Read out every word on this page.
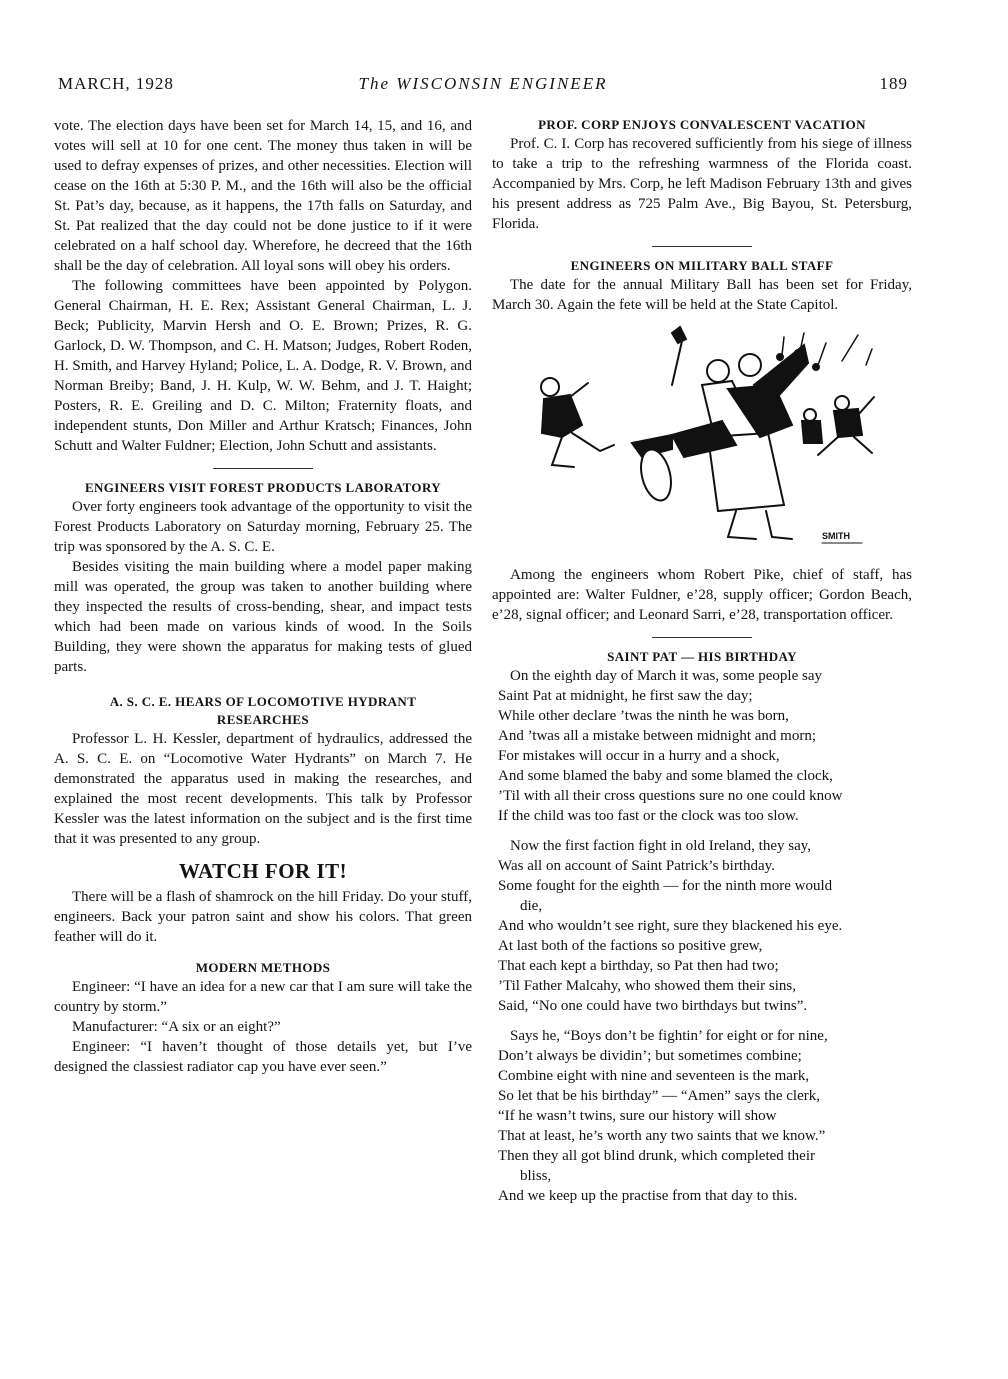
MARCH, 1928	The WISCONSIN ENGINEER	189

vote. The election days have been set for March 14, 15, and 16, and votes will sell at 10 for one cent. The money thus taken in will be used to defray expenses of prizes, and other necessities. Election will cease on the 16th at 5:30 P. M., and the 16th will also be the official St. Pat’s day, because, as it happens, the 17th falls on Saturday, and St. Pat realized that the day could not be done justice to if it were celebrated on a half school day. Wherefore, he decreed that the 16th shall be the day of celebration. All loyal sons will obey his orders.

The following committees have been appointed by Polygon. General Chairman, H. E. Rex; Assistant General Chairman, L. J. Beck; Publicity, Marvin Hersh and O. E. Brown; Prizes, R. G. Garlock, D. W. Thompson, and C. H. Matson; Judges, Robert Roden, H. Smith, and Harvey Hyland; Police, L. A. Dodge, R. V. Brown, and Norman Breiby; Band, J. H. Kulp, W. W. Behm, and J. T. Haight; Posters, R. E. Greiling and D. C. Milton; Fraternity floats, and independent stunts, Don Miller and Arthur Kratsch; Finances, John Schutt and Walter Fuldner; Election, John Schutt and assistants.

ENGINEERS VISIT FOREST PRODUCTS LABORATORY

Over forty engineers took advantage of the opportunity to visit the Forest Products Laboratory on Saturday morning, February 25. The trip was sponsored by the A. S. C. E.

Besides visiting the main building where a model paper making mill was operated, the group was taken to another building where they inspected the results of cross-bending, shear, and impact tests which had been made on various kinds of wood. In the Soils Building, they were shown the apparatus for making tests of glued parts.

A. S. C. E. HEARS OF LOCOMOTIVE HYDRANT RESEARCHES

Professor L. H. Kessler, department of hydraulics, addressed the A. S. C. E. on “Locomotive Water Hydrants” on March 7. He demonstrated the apparatus used in making the researches, and explained the most recent developments. This talk by Professor Kessler was the latest information on the subject and is the first time that it was presented to any group.

WATCH FOR IT!

There will be a flash of shamrock on the hill Friday. Do your stuff, engineers. Back your patron saint and show his colors. That green feather will do it.

MODERN METHODS

Engineer: “I have an idea for a new car that I am sure will take the country by storm.”

Manufacturer: “A six or an eight?”

Engineer: “I haven’t thought of those details yet, but I’ve designed the classiest radiator cap you have ever seen.”

PROF. CORP ENJOYS CONVALESCENT VACATION

Prof. C. I. Corp has recovered sufficiently from his siege of illness to take a trip to the refreshing warmness of the Florida coast. Accompanied by Mrs. Corp, he left Madison February 13th and gives his present address as 725 Palm Ave., Big Bayou, St. Petersburg, Florida.

ENGINEERS ON MILITARY BALL STAFF

The date for the annual Military Ball has been set for Friday, March 30. Again the fete will be held at the State Capitol.

SMITH

Among the engineers whom Robert Pike, chief of staff, has appointed are: Walter Fuldner, e’28, supply officer; Gordon Beach, e’28, signal officer; and Leonard Sarri, e’28, transportation officer.

SAINT PAT — HIS BIRTHDAY

On the eighth day of March it was, some people say

Saint Pat at midnight, he first saw the day;

While other declare ’twas the ninth he was born,

And ’twas all a mistake between midnight and morn;

For mistakes will occur in a hurry and a shock,

And some blamed the baby and some blamed the clock,

’Til with all their cross questions sure no one could know

If the child was too fast or the clock was too slow.

Now the first faction fight in old Ireland, they say,

Was all on account of Saint Patrick’s birthday.

Some fought for the eighth — for the ninth more would

die,

And who wouldn’t see right, sure they blackened his eye.

At last both of the factions so positive grew,

That each kept a birthday, so Pat then had two;

’Til Father Malcahy, who showed them their sins,

Said, “No one could have two birthdays but twins”.

Says he, “Boys don’t be fightin’ for eight or for nine,

Don’t always be dividin’; but sometimes combine;

Combine eight with nine and seventeen is the mark,

So let that be his birthday” — “Amen” says the clerk,

“If he wasn’t twins, sure our history will show

That at least, he’s worth any two saints that we know.”

Then they all got blind drunk, which completed their

bliss,

And we keep up the practise from that day to this.
